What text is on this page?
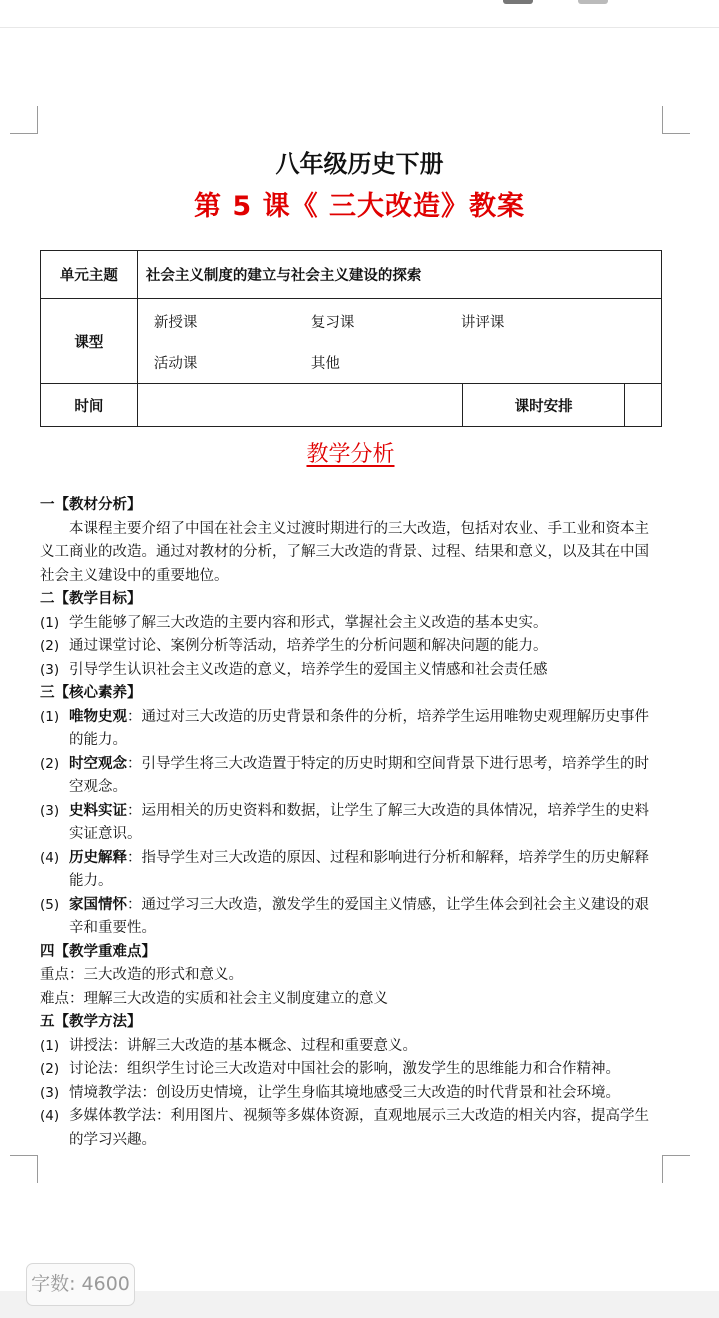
八年级历史下册
第 5 课《 三大改造》教案
单元主题	社会主义制度的建立与社会主义建设的探索		
课型	新授课 复习课 讲评课
活动课 其他		

时间		课时安排	
教学分析
一【教材分析】
本课程主要介绍了中国在社会主义过渡时期进行的三大改造，包括对农业、手工业和资本主义工商业的改造。通过对教材的分析，了解三大改造的背景、过程、结果和意义，以及其在中国社会主义建设中的重要地位。
二【教学目标】
(1) 学生能够了解三大改造的主要内容和形式，掌握社会主义改造的基本史实。
(2) 通过课堂讨论、案例分析等活动，培养学生的分析问题和解决问题的能力。
(3) 引导学生认识社会主义改造的意义，培养学生的爱国主义情感和社会责任感
三【核心素养】
(1) 唯物史观：通过对三大改造的历史背景和条件的分析，培养学生运用唯物史观理解历史事件的能力。
(2) 时空观念：引导学生将三大改造置于特定的历史时期和空间背景下进行思考，培养学生的时空观念。
(3) 史料实证：运用相关的历史资料和数据，让学生了解三大改造的具体情况，培养学生的史料实证意识。
(4) 历史解释：指导学生对三大改造的原因、过程和影响进行分析和解释，培养学生的历史解释能力。
(5) 家国情怀：通过学习三大改造，激发学生的爱国主义情感，让学生体会到社会主义建设的艰辛和重要性。
四【教学重难点】
重点：三大改造的形式和意义。
难点：理解三大改造的实质和社会主义制度建立的意义
五【教学方法】
(1) 讲授法：讲解三大改造的基本概念、过程和重要意义。
(2) 讨论法：组织学生讨论三大改造对中国社会的影响，激发学生的思维能力和合作精神。
(3) 情境教学法：创设历史情境，让学生身临其境地感受三大改造的时代背景和社会环境。
(4) 多媒体教学法：利用图片、视频等多媒体资源，直观地展示三大改造的相关内容，提高学生的学习兴趣。
字数: 4600
